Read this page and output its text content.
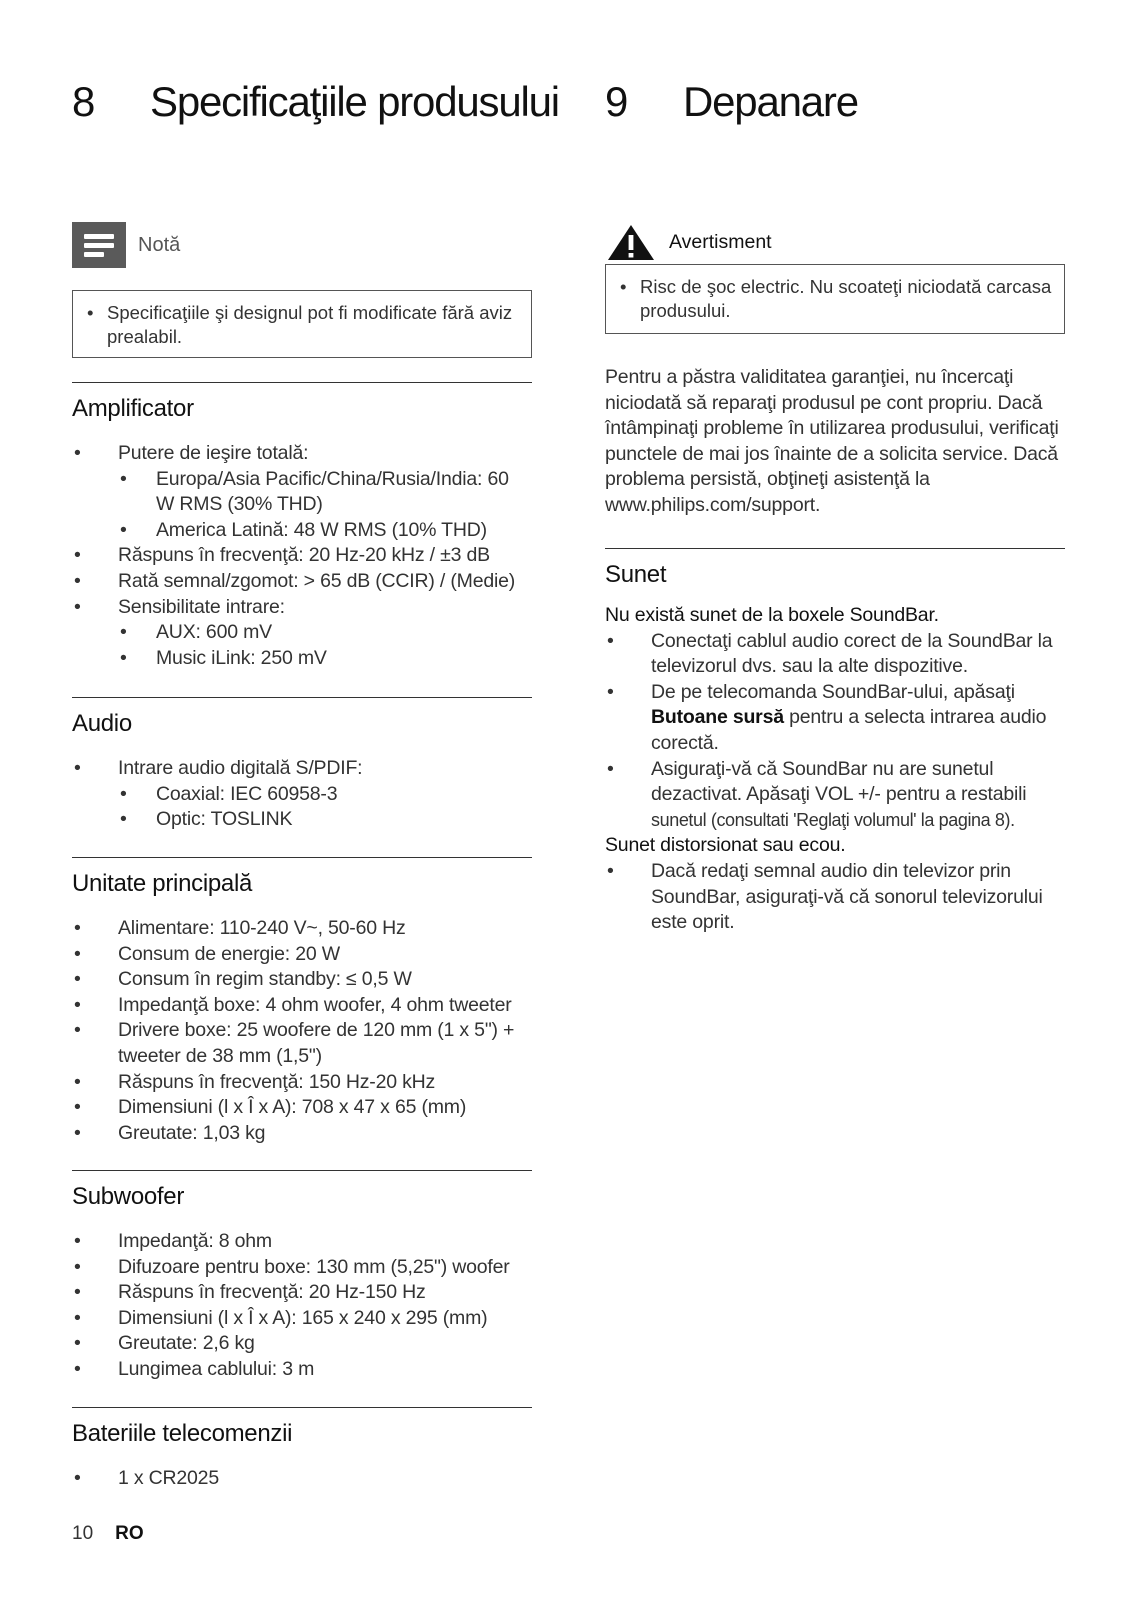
8 Specificaţiile produsului
Notă
• Specificaţiile şi designul pot fi modificate fără aviz prealabil.
Amplificator
• Putere de ieşire totală:
• Europa/Asia Pacific/China/Rusia/India: 60 W RMS (30% THD)
• America Latină: 48 W RMS (10% THD)
• Răspuns în frecvenţă: 20 Hz-20 kHz / ±3 dB
• Rată semnal/zgomot: > 65 dB (CCIR) / (Medie)
• Sensibilitate intrare:
• AUX: 600 mV
• Music iLink: 250 mV
Audio
• Intrare audio digitală S/PDIF:
• Coaxial: IEC 60958-3
• Optic: TOSLINK
Unitate principală
• Alimentare: 110-240 V~, 50-60 Hz
• Consum de energie: 20 W
• Consum în regim standby: ≤ 0,5 W
• Impedanţă boxe: 4 ohm woofer, 4 ohm tweeter
• Drivere boxe: 25 woofere de 120 mm (1 x 5") + tweeter de 38 mm (1,5")
• Răspuns în frecvenţă: 150 Hz-20 kHz
• Dimensiuni (l x Î x A): 708 x 47 x 65 (mm)
• Greutate: 1,03 kg
Subwoofer
• Impedanţă: 8 ohm
• Difuzoare pentru boxe: 130 mm (5,25") woofer
• Răspuns în frecvenţă: 20 Hz-150 Hz
• Dimensiuni (l x Î x A): 165 x 240 x 295 (mm)
• Greutate: 2,6 kg
• Lungimea cablului: 3 m
Bateriile telecomenzii
• 1 x CR2025
9 Depanare
Avertisment
• Risc de şoc electric. Nu scoateţi niciodată carcasa produsului.
Pentru a păstra validitatea garanţiei, nu încercaţi niciodată să reparaţi produsul pe cont propriu. Dacă întâmpinaţi probleme în utilizarea produsului, verificaţi punctele de mai jos înainte de a solicita service. Dacă problema persistă, obţineţi asistenţă la www.philips.com/support.
Sunet
Nu există sunet de la boxele SoundBar.
• Conectaţi cablul audio corect de la SoundBar la televizorul dvs. sau la alte dispozitive.
• De pe telecomanda SoundBar-ului, apăsaţi Butoane sursă pentru a selecta intrarea audio corectă.
• Asiguraţi-vă că SoundBar nu are sunetul dezactivat. Apăsaţi VOL +/- pentru a restabili sunetul (consultati 'Reglaţi volumul' la pagina 8).
Sunet distorsionat sau ecou.
• Dacă redaţi semnal audio din televizor prin SoundBar, asiguraţi-vă că sonorul televizorului este oprit.
10 RO
